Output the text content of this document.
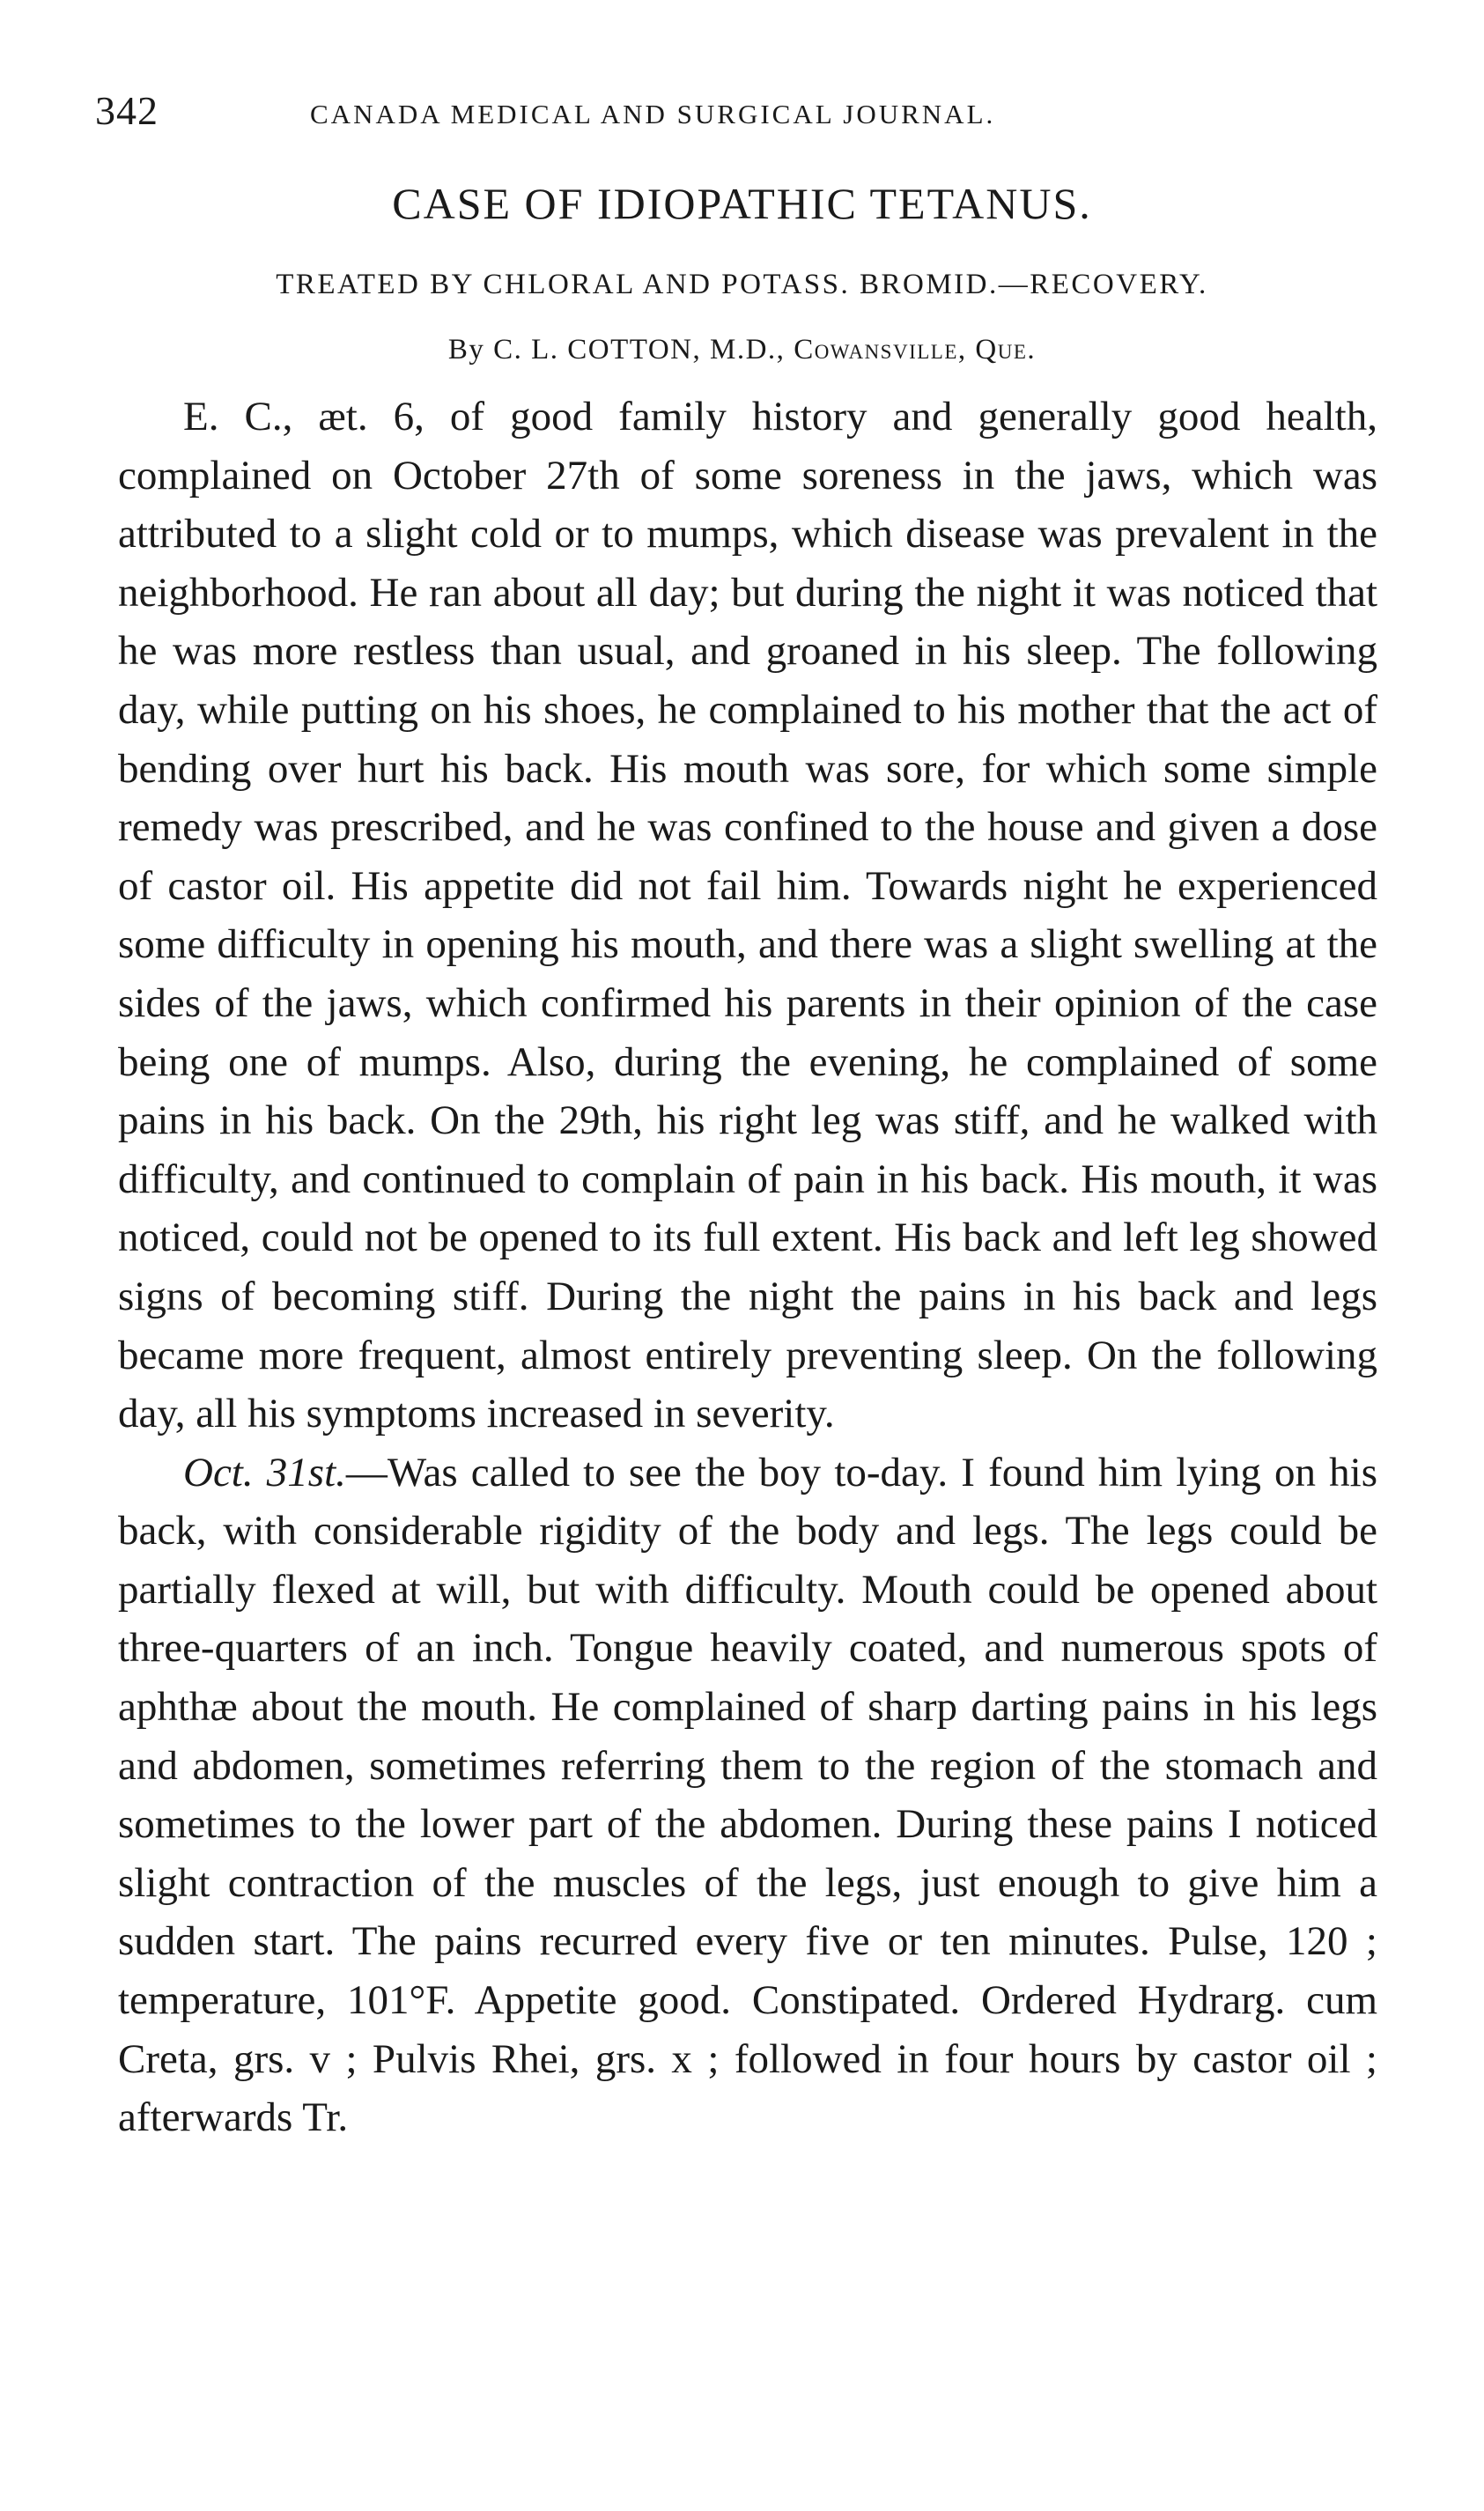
342	CANADA MEDICAL AND SURGICAL JOURNAL.
CASE OF IDIOPATHIC TETANUS.
TREATED BY CHLORAL AND POTASS. BROMID.—RECOVERY.
By C. L. COTTON, M.D., Cowansville, Que.

E. C., æt. 6, of good family history and generally good health, complained on October 27th of some soreness in the jaws, which was attributed to a slight cold or to mumps, which disease was prevalent in the neighborhood. He ran about all day; but during the night it was noticed that he was more restless than usual, and groaned in his sleep. The following day, while putting on his shoes, he complained to his mother that the act of bending over hurt his back. His mouth was sore, for which some simple remedy was prescribed, and he was confined to the house and given a dose of castor oil. His appetite did not fail him. Towards night he experienced some difficulty in opening his mouth, and there was a slight swelling at the sides of the jaws, which confirmed his parents in their opinion of the case being one of mumps. Also, during the evening, he complained of some pains in his back. On the 29th, his right leg was stiff, and he walked with difficulty, and continued to complain of pain in his back. His mouth, it was noticed, could not be opened to its full extent. His back and left leg showed signs of becoming stiff. During the night the pains in his back and legs became more frequent, almost entirely preventing sleep. On the following day, all his symptoms increased in severity.

Oct. 31st.—Was called to see the boy to-day. I found him lying on his back, with considerable rigidity of the body and legs. The legs could be partially flexed at will, but with difficulty. Mouth could be opened about three-quarters of an inch. Tongue heavily coated, and numerous spots of aphthæ about the mouth. He complained of sharp darting pains in his legs and abdomen, sometimes referring them to the region of the stomach and sometimes to the lower part of the abdomen. During these pains I noticed slight contraction of the muscles of the legs, just enough to give him a sudden start. The pains recurred every five or ten minutes. Pulse, 120 ; temperature, 101°F. Appetite good. Constipated. Ordered Hydrarg. cum Creta, grs. v ; Pulvis Rhei, grs. x ; followed in four hours by castor oil ; afterwards Tr.
